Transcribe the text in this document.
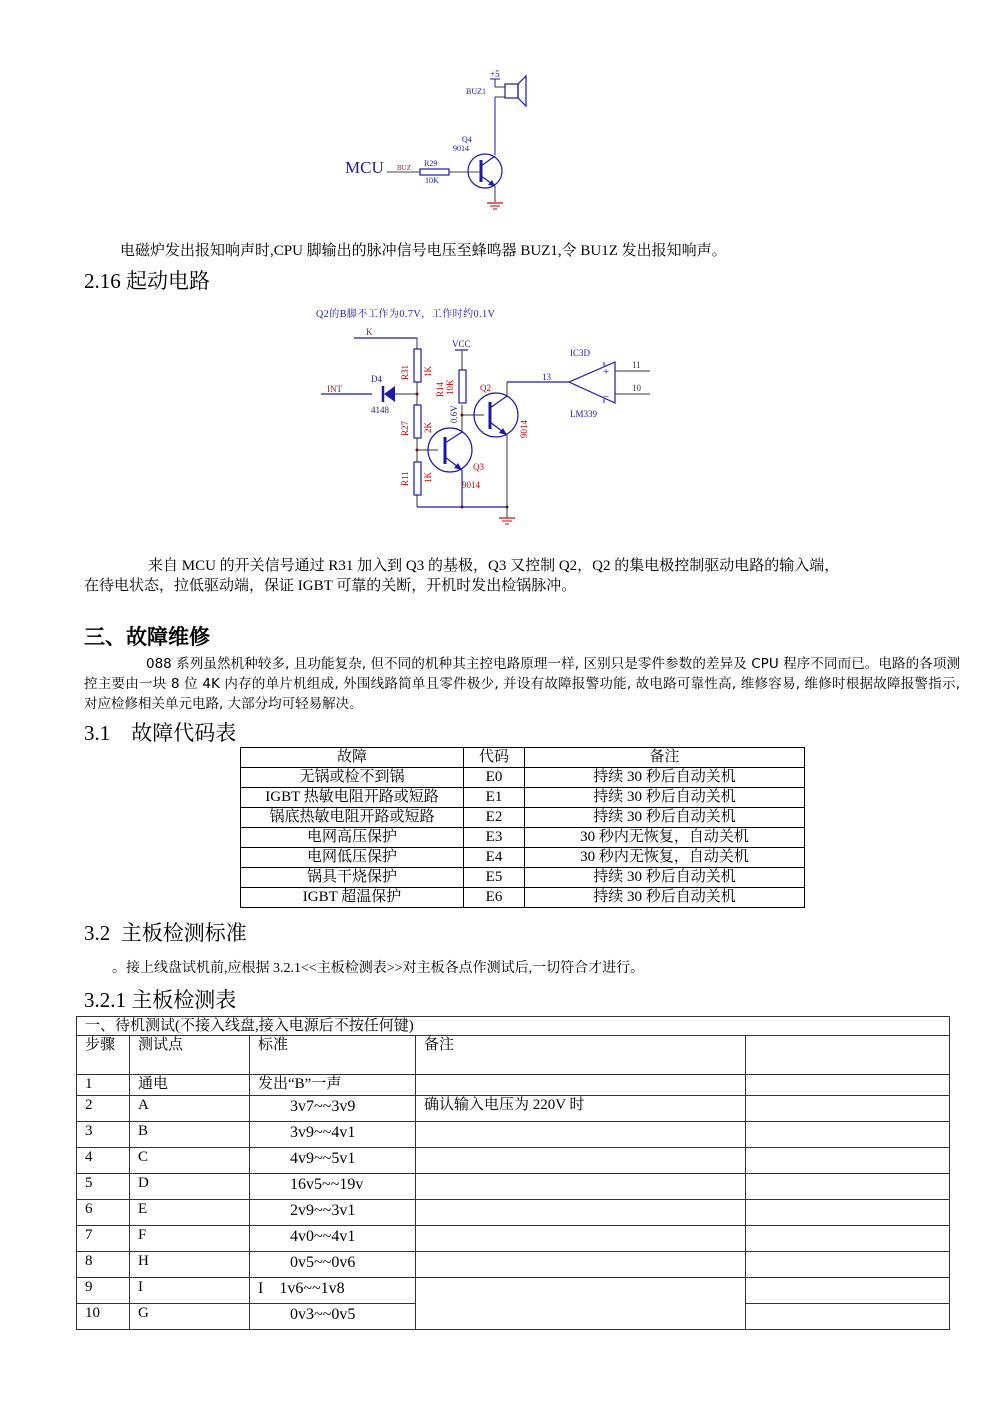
+5
BUZ1
Q4
9014
MCU BUZ R29
10K
电磁炉发出报知响声时,CPU 脚输出的脉冲信号电压至蜂鸣器 BUZ1,令 BU1Z 发出报知响声。
2.16 起动电路
Q2的B脚不工作为0.7V，工作时约0.1V
K
R31 1K
INT
D4
4148
R27 2K
R11 1K
Q3
9014
VCC
R14 10K
0.6V
Q2
9014
13
IC3D
+
−
11
10
LM339
来自 MCU 的开关信号通过 R31 加入到 Q3 的基极，Q3 又控制 Q2，Q2 的集电极控制驱动电路的输入端，
在待电状态，拉低驱动端，保证 IGBT 可靠的关断，开机时发出检锅脉冲。
三、故障维修
088 系列虽然机种较多, 且功能复杂, 但不同的机种其主控电路原理一样, 区别只是零件参数的差异及 CPU 程序不同而已。电路的各项测控主要由一块 8 位 4K 内存的单片机组成, 外围线路简单且零件极少, 并设有故障报警功能, 故电路可靠性高, 维修容易, 维修时根据故障报警指示, 对应检修相关单元电路, 大部分均可轻易解决。
3.1　故障代码表
故障	代码	备注
无锅或检不到锅	E0	持续 30 秒后自动关机
IGBT 热敏电阻开路或短路	E1	持续 30 秒后自动关机
锅底热敏电阻开路或短路	E2	持续 30 秒后自动关机
电网高压保护	E3	30 秒内无恢复，自动关机
电网低压保护	E4	30 秒内无恢复，自动关机
锅具干烧保护	E5	持续 30 秒后自动关机
IGBT 超温保护	E6	持续 30 秒后自动关机
3.2  主板检测标准
。接上线盘试机前,应根据 3.2.1<<主板检测表>>对主板各点作测试后,一切符合才进行。
3.2.1 主板检测表
一、待机测试(不接入线盘,接入电源后不按任何键)				
步骤	测试点	标准	备注	
1	通电	发出“B”一声		
2	A	3v7~~3v9	确认输入电压为 220V 时	
3	B	3v9~~4v1		
4	C	4v9~~5v1		
5	D	16v5~~19v		
6	E	2v9~~3v1		
7	F	4v0~~4v1		
8	H	0v5~~0v6		
9	I	I　1v6~~1v8		
10	G	0v3~~0v5		
